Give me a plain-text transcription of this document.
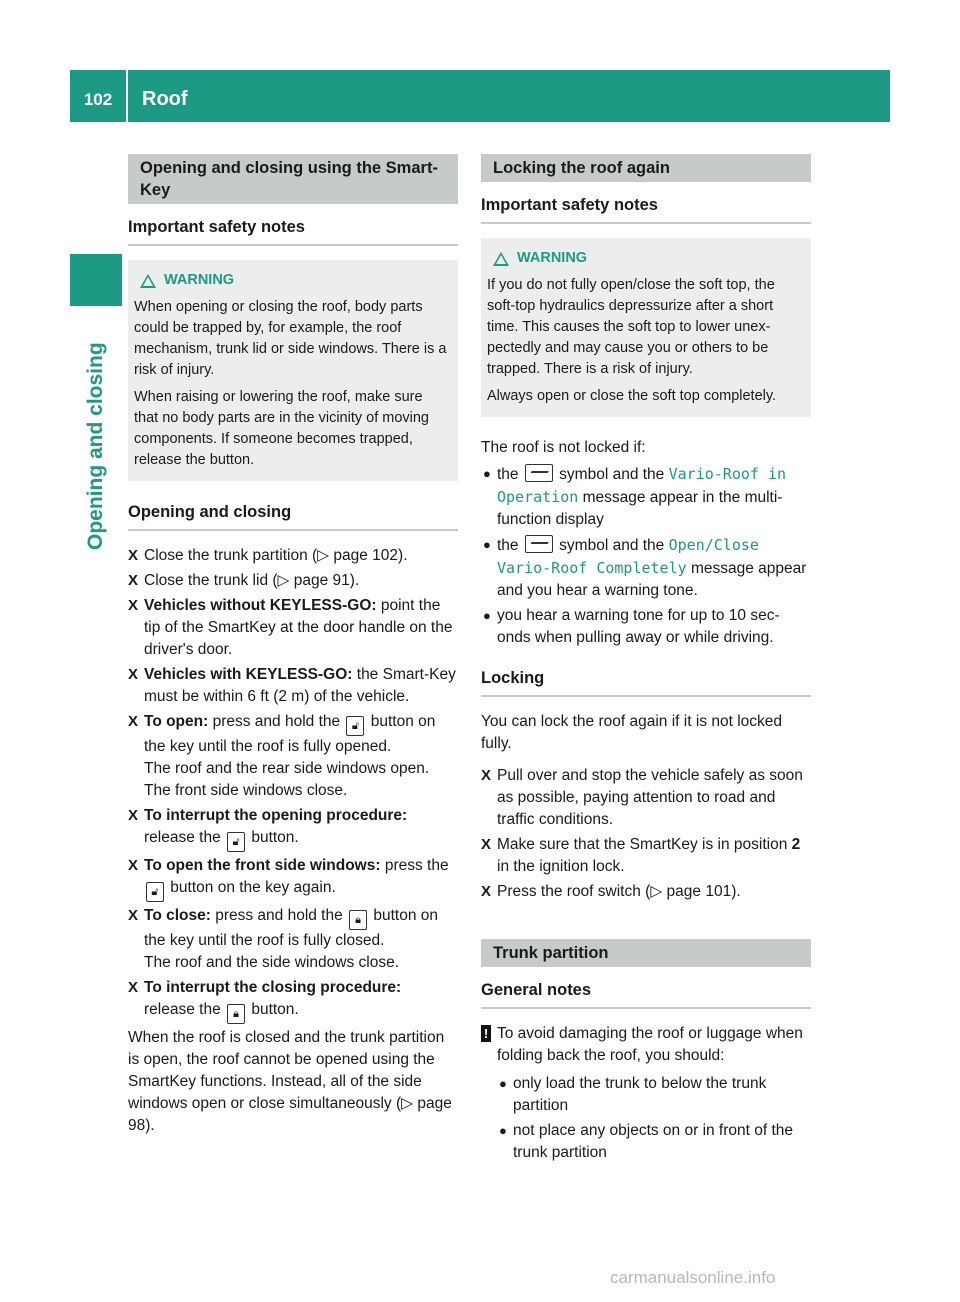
102	Roof
Opening and closing
Opening and closing using the Smart-Key
Important safety notes
WARNING

When opening or closing the roof, body parts could be trapped by, for example, the roof mechanism, trunk lid or side windows. There is a risk of injury.

When raising or lowering the roof, make sure that no body parts are in the vicinity of moving components. If someone becomes trapped, release the button.

Opening and closing
X Close the trunk partition (▷ page 102).
X Close the trunk lid (▷ page 91).
X Vehicles without KEYLESS-GO: point the tip of the SmartKey at the door handle on the driver's door.
X Vehicles with KEYLESS-GO: the Smart-Key must be within 6 ft (2 m) of the vehicle.
X To open: press and hold the 🔓︎ button on the key until the roof is fully opened.
The roof and the rear side windows open.
The front side windows close.
X To interrupt the opening procedure:
release the 🔓︎ button.
X To open the front side windows: press the 🔓︎ button on the key again.
X To close: press and hold the 🔒︎ button on the key until the roof is fully closed.
The roof and the side windows close.
X To interrupt the closing procedure:
release the 🔒︎ button.

When the roof is closed and the trunk partition is open, the roof cannot be opened using the SmartKey functions. Instead, all of the side windows open or close simultaneously (▷ page 98).

Locking the roof again
Important safety notes
WARNING

If you do not fully open/close the soft top, the soft-top hydraulics depressurize after a short time. This causes the soft top to lower unex-pectedly and may cause you or others to be trapped. There is a risk of injury.

Always open or close the soft top completely.

The roof is not locked if:

● the  symbol and the Vario-Roof in Operation message appear in the multi-function display
● the  symbol and the Open/Close Vario-Roof Completely message appear and you hear a warning tone.
● you hear a warning tone for up to 10 sec-onds when pulling away or while driving.
Locking

You can lock the roof again if it is not locked fully.

X Pull over and stop the vehicle safely as soon as possible, paying attention to road and traffic conditions.
X Make sure that the SmartKey is in position 2 in the ignition lock.
X Press the roof switch (▷ page 101).
Trunk partition
General notes
! To avoid damaging the roof or luggage when folding back the roof, you should:
● only load the trunk to below the trunk partition
● not place any objects on or in front of the trunk partition
carmanualsonline.info
